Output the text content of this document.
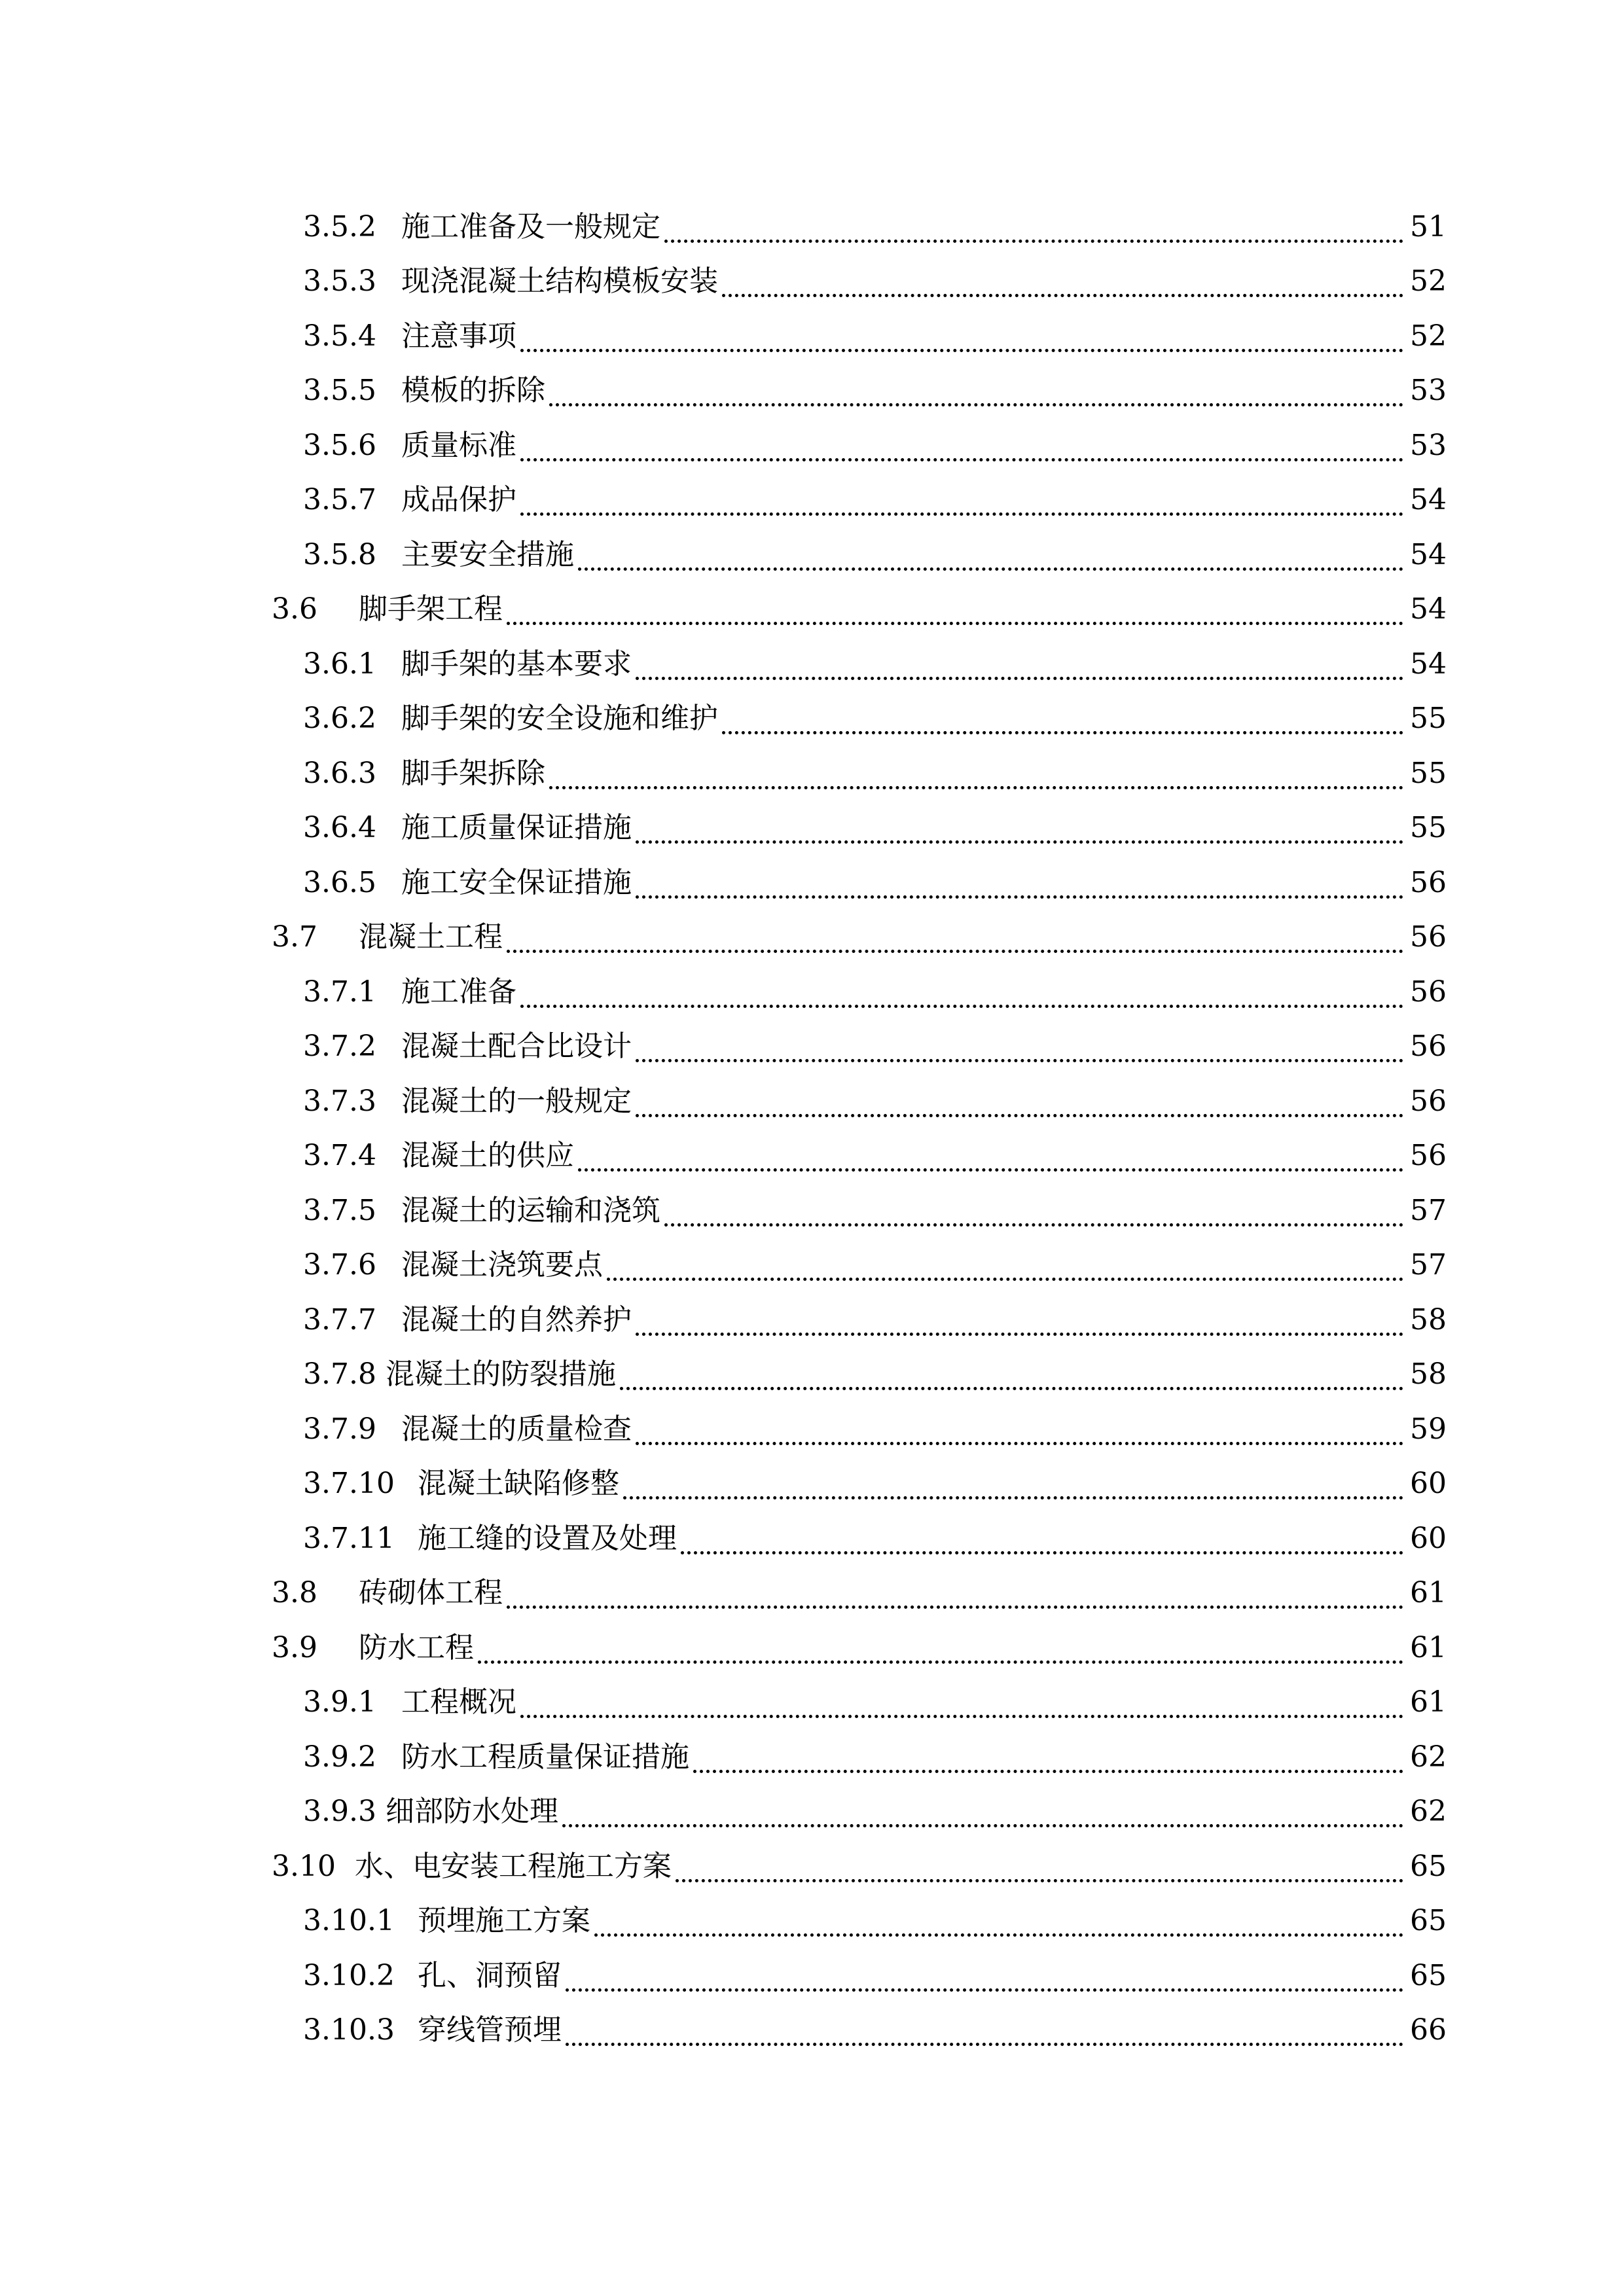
3.5.2 施工准备及一般规定	51
3.5.3 现浇混凝土结构模板安装	52
3.5.4 注意事项	52
3.5.5 模板的拆除	53
3.5.6 质量标准	53
3.5.7 成品保护	54
3.5.8 主要安全措施	54
3.6	脚手架工程	54
3.6.1 脚手架的基本要求	54
3.6.2 脚手架的安全设施和维护	55
3.6.3 脚手架拆除	55
3.6.4 施工质量保证措施	55
3.6.5 施工安全保证措施	56
3.7	混凝土工程	56
3.7.1 施工准备	56
3.7.2 混凝土配合比设计	56
3.7.3 混凝土的一般规定	56
3.7.4 混凝土的供应	56
3.7.5 混凝土的运输和浇筑	57
3.7.6 混凝土浇筑要点	57
3.7.7 混凝土的自然养护	58
3.7.8 混凝土的防裂措施	58
3.7.9 混凝土的质量检查	59
3.7.10 混凝土缺陷修整	60
3.7.11 施工缝的设置及处理	60
3.8	砖砌体工程	61
3.9	防水工程	61
3.9.1 工程概况	61
3.9.2 防水工程质量保证措施	62
3.9.3 细部防水处理	62
3.10 水、电安装工程施工方案	65
3.10.1 预埋施工方案	65
3.10.2 孔、洞预留	65
3.10.3 穿线管预埋	66
